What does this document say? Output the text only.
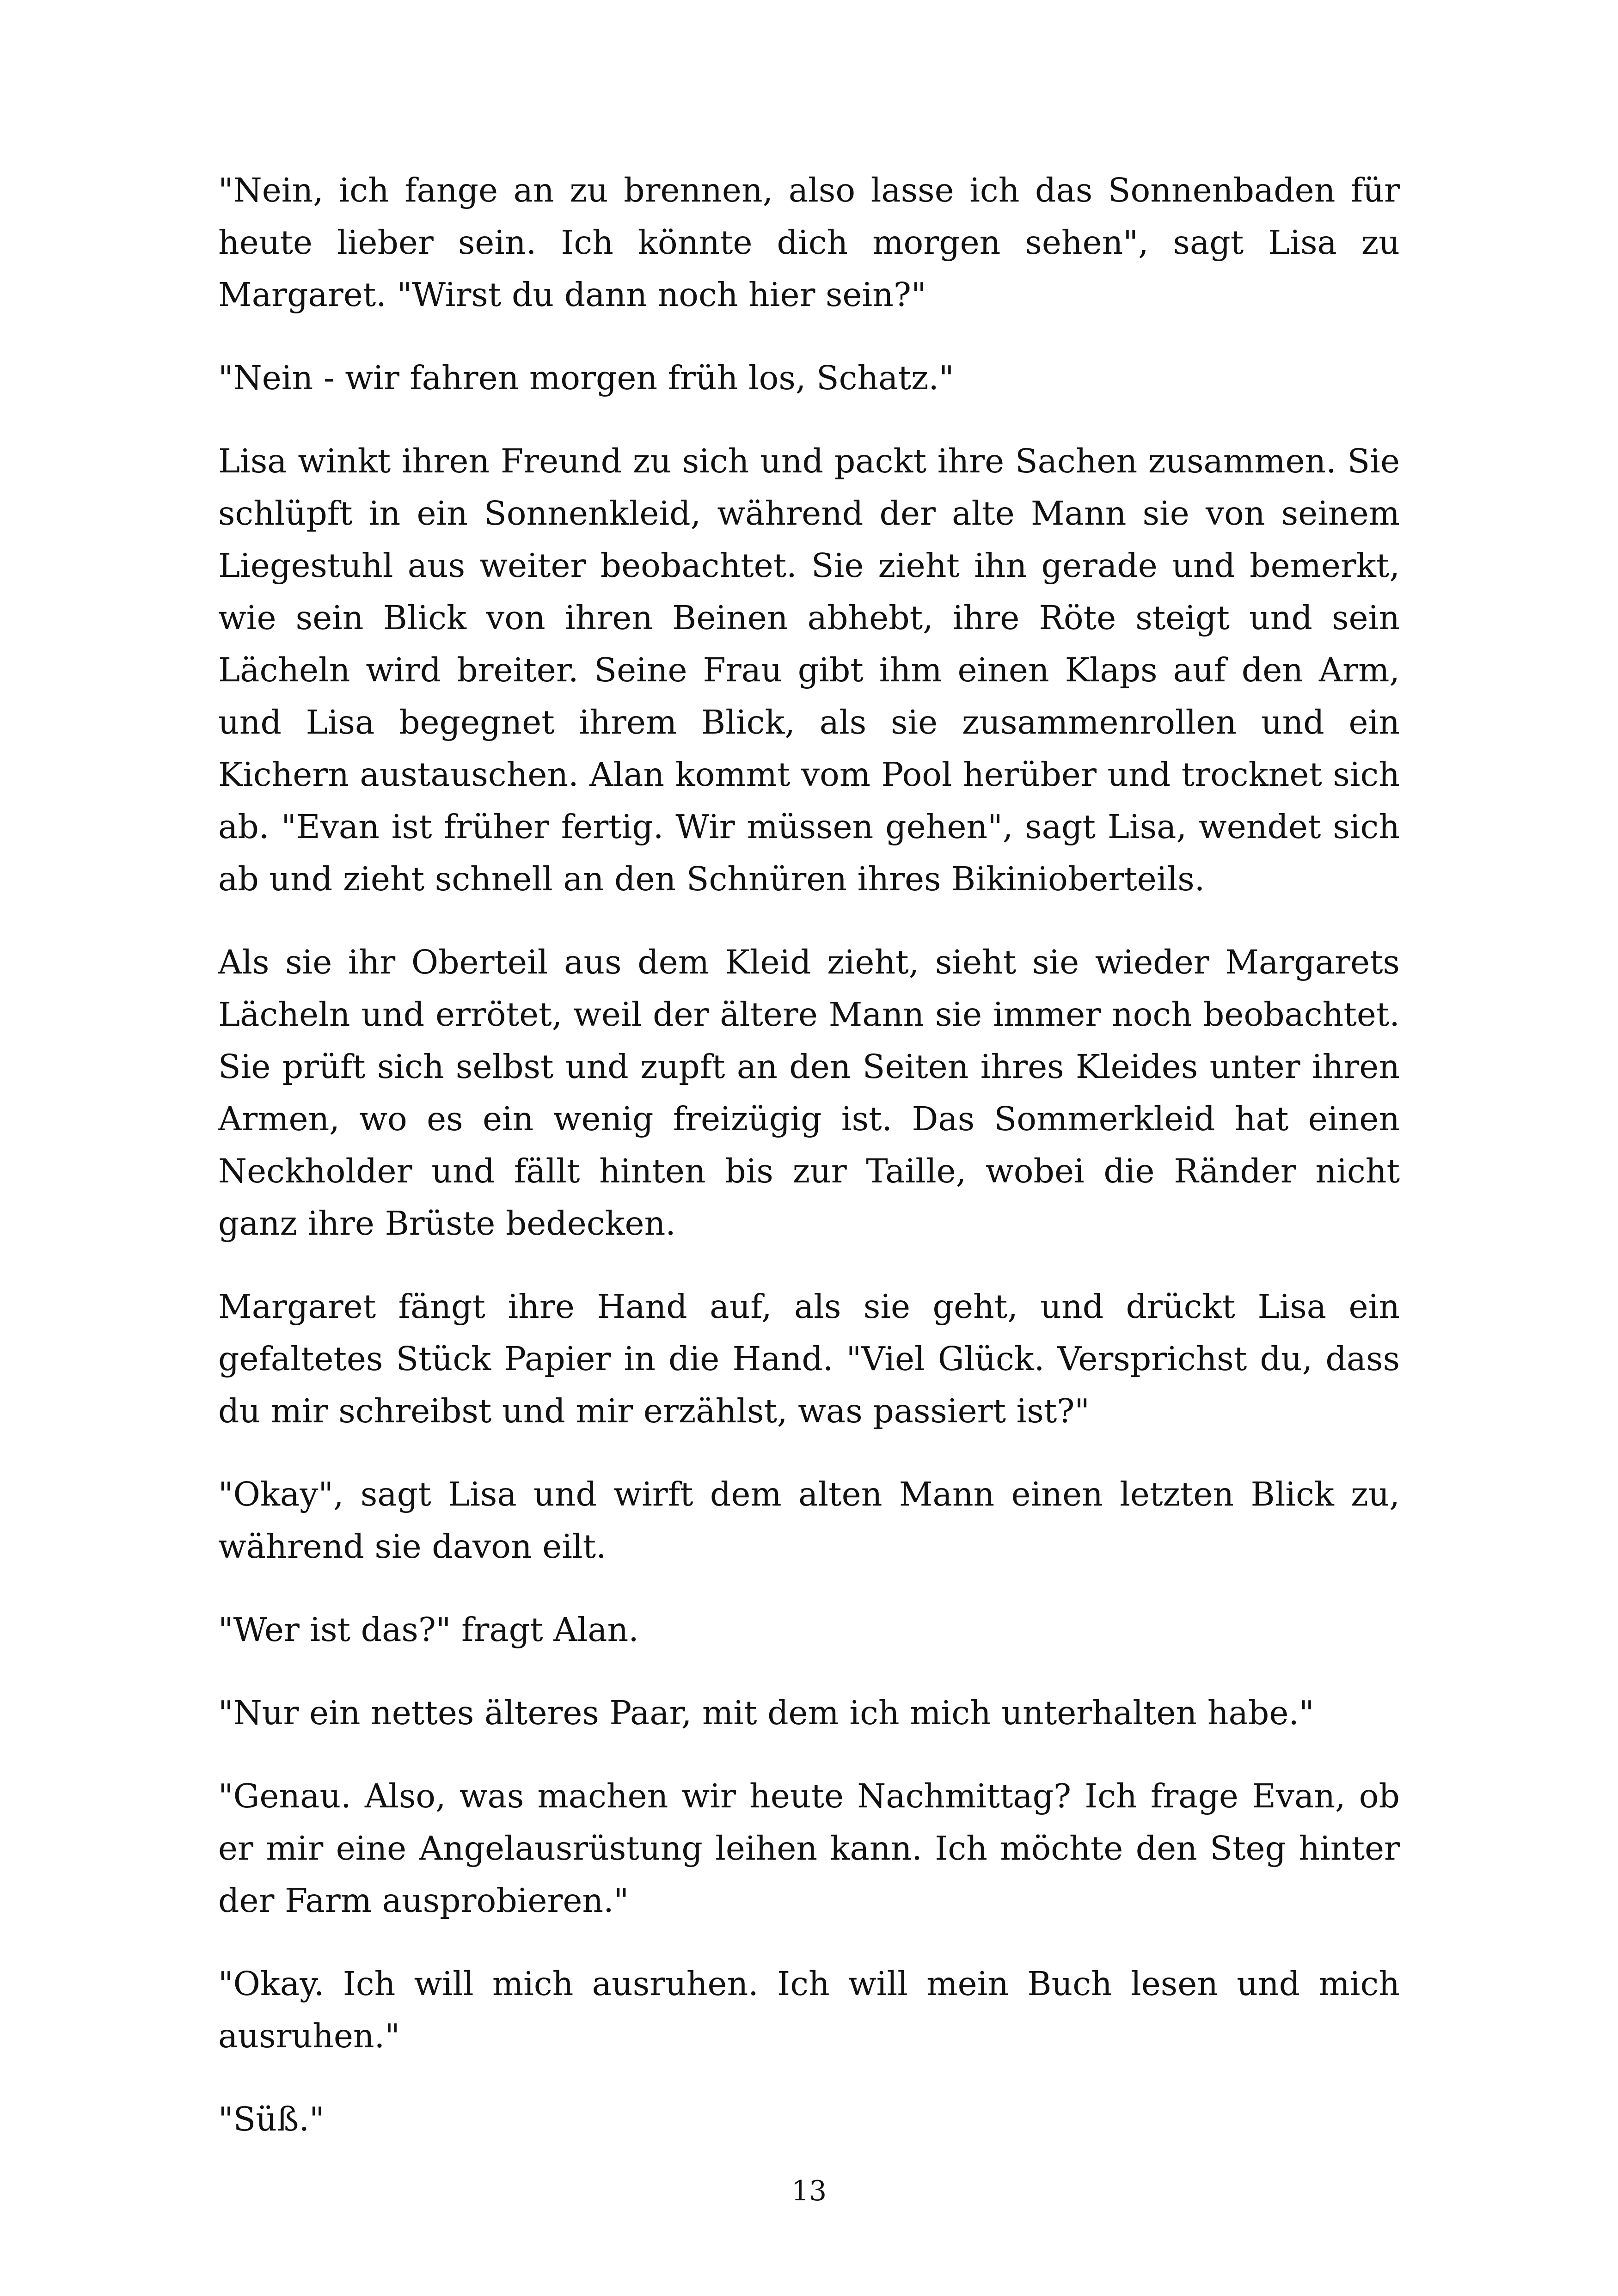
"Nein, ich fange an zu brennen, also lasse ich das Sonnenbaden für heute lieber sein. Ich könnte dich morgen sehen", sagt Lisa zu Margaret. "Wirst du dann noch hier sein?"

"Nein - wir fahren morgen früh los, Schatz."

Lisa winkt ihren Freund zu sich und packt ihre Sachen zusammen. Sie schlüpft in ein Sonnenkleid, während der alte Mann sie von seinem Liegestuhl aus weiter beobachtet. Sie zieht ihn gerade und bemerkt, wie sein Blick von ihren Beinen abhebt, ihre Röte steigt und sein Lächeln wird breiter. Seine Frau gibt ihm einen Klaps auf den Arm, und Lisa begegnet ihrem Blick, als sie zusammenrollen und ein Kichern austauschen. Alan kommt vom Pool herüber und trocknet sich ab. "Evan ist früher fertig. Wir müssen gehen", sagt Lisa, wendet sich ab und zieht schnell an den Schnüren ihres Bikinioberteils.

Als sie ihr Oberteil aus dem Kleid zieht, sieht sie wieder Margarets Lächeln und errötet, weil der ältere Mann sie immer noch beobachtet. Sie prüft sich selbst und zupft an den Seiten ihres Kleides unter ihren Armen, wo es ein wenig freizügig ist. Das Sommerkleid hat einen Neckholder und fällt hinten bis zur Taille, wobei die Ränder nicht ganz ihre Brüste bedecken.

Margaret fängt ihre Hand auf, als sie geht, und drückt Lisa ein gefaltetes Stück Papier in die Hand. "Viel Glück. Versprichst du, dass du mir schreibst und mir erzählst, was passiert ist?"

"Okay", sagt Lisa und wirft dem alten Mann einen letzten Blick zu, während sie davon eilt.

"Wer ist das?" fragt Alan.

"Nur ein nettes älteres Paar, mit dem ich mich unterhalten habe."

"Genau. Also, was machen wir heute Nachmittag? Ich frage Evan, ob er mir eine Angelausrüstung leihen kann. Ich möchte den Steg hinter der Farm ausprobieren."

"Okay. Ich will mich ausruhen. Ich will mein Buch lesen und mich ausruhen."

"Süß."

13
